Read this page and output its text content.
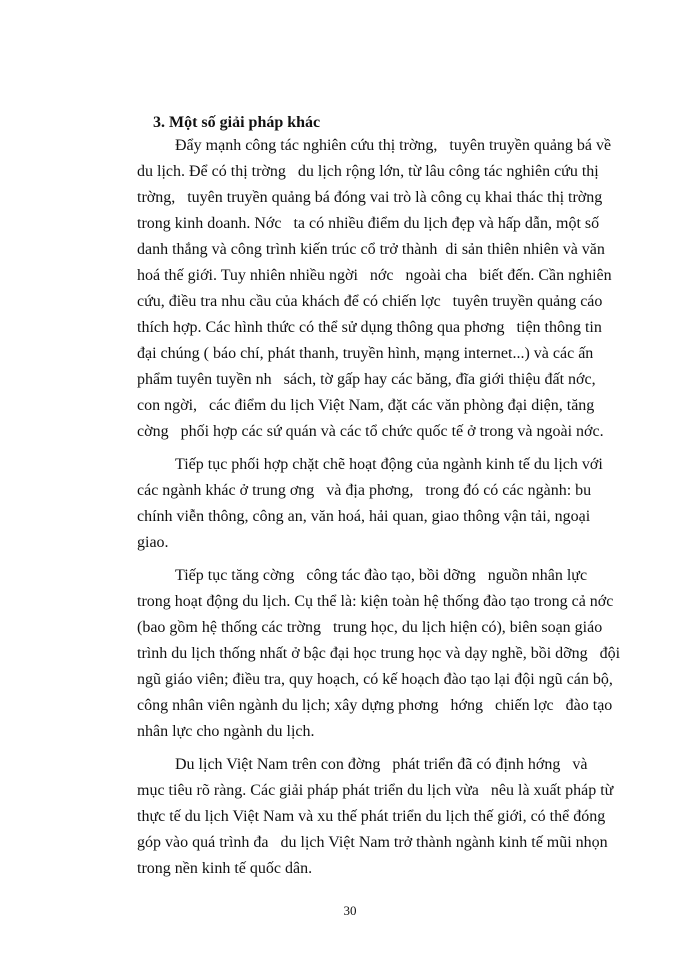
3. Một số giải pháp khác
Đẩy mạnh công tác nghiên cứu thị trờng,   tuyên truyền quảng bá về
du lịch. Để có thị trờng   du lịch rộng lớn, từ lâu công tác nghiên cứu thị
trờng,   tuyên truyền quảng bá đóng vai trò là công cụ khai thác thị trờng
trong kinh doanh. Nớc   ta có nhiều điểm du lịch đẹp và hấp dẫn, một số
danh thắng và công trình kiến trúc cổ trở thành  di sản thiên nhiên và văn
hoá thế giới. Tuy nhiên nhiều ngời   nớc   ngoài cha   biết đến. Cần nghiên
cứu, điều tra nhu cầu của khách để có chiến lợc   tuyên truyền quảng cáo
thích hợp. Các hình thức có thể sử dụng thông qua phơng   tiện thông tin
đại chúng ( báo chí, phát thanh, truyền hình, mạng internet...) và các ấn
phẩm tuyên tuyền nh   sách, tờ gấp hay các băng, đĩa giới thiệu đất nớc,
con ngời,   các điểm du lịch Việt Nam, đặt các văn phòng đại diện, tăng
cờng   phối hợp các sứ quán và các tổ chức quốc tế ở trong và ngoài nớc.
Tiếp tục phối hợp chặt chẽ hoạt động của ngành kinh tế du lịch với
các ngành khác ở trung ơng   và địa phơng,   trong đó có các ngành: bu
chính viễn thông, công an, văn hoá, hải quan, giao thông vận tải, ngoại
giao.
Tiếp tục tăng cờng   công tác đào tạo, bồi dỡng   nguồn nhân lực
trong hoạt động du lịch. Cụ thể là: kiện toàn hệ thống đào tạo trong cả nớc
(bao gồm hệ thống các trờng   trung học, du lịch hiện có), biên soạn giáo
trình du lịch thống nhất ở bậc đại học trung học và dạy nghề, bồi dỡng   đội
ngũ giáo viên; điều tra, quy hoạch, có kế hoạch đào tạo lại đội ngũ cán bộ,
công nhân viên ngành du lịch; xây dựng phơng   hớng   chiến lợc   đào tạo
nhân lực cho ngành du lịch.
Du lịch Việt Nam trên con đờng   phát triển đã có định hớng   và
mục tiêu rõ ràng. Các giải pháp phát triển du lịch vừa   nêu là xuất pháp từ
thực tế du lịch Việt Nam và xu thế phát triển du lịch thế giới, có thể đóng
góp vào quá trình đa   du lịch Việt Nam trở thành ngành kinh tế mũi nhọn
trong nền kinh tế quốc dân.
30
